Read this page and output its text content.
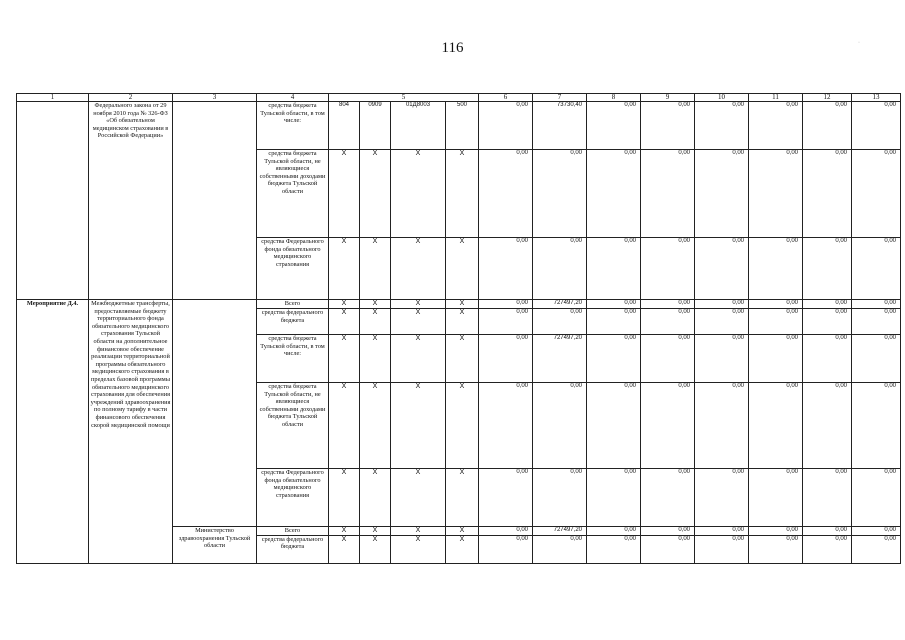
116	·
1	2	3	4	5				6	7	8	9	10	11	12	13
	Федерального закона от 29 ноября 2010 года № 326-ФЗ «Об обязательном медицинском страховании в Российской Федерации»		средства бюджета Тульской области, в том числе:	804	0909	01Д8003	500	0,00	73730,40	0,00	0,00	0,00	0,00	0,00	0,00
			средства бюджета Тульской области, не являющиеся собственными доходами бюджета Тульской области	X	X	X	X	0,00	0,00	0,00	0,00	0,00	0,00	0,00	0,00
			средства Федерального фонда обязательного медицинского страхования	X	X	X	X	0,00	0,00	0,00	0,00	0,00	0,00	0,00	0,00
Мероприятие Д.4.	Межбюджетные трансферты, предоставляемые бюджету территориального фонда обязательного медицинского страхования Тульской области на дополнительное финансовое обеспечение реализации территориальной программы обязательного медицинского страхования в пределах базовой программы обязательного медицинского страхования для обеспечения учреждений здравоохранения по полному тарифу в части финансового обеспечения скорой медицинской помощи		Всего	X	X	X	X	0,00	727497,20	0,00	0,00	0,00	0,00	0,00	0,00
			средства федерального бюджета	X	X	X	X	0,00	0,00	0,00	0,00	0,00	0,00	0,00	0,00
			средства бюджета Тульской области, в том числе:	X	X	X	X	0,00	727497,20	0,00	0,00	0,00	0,00	0,00	0,00
			средства бюджета Тульской области, не являющиеся собственными доходами бюджета Тульской области	X	X	X	X	0,00	0,00	0,00	0,00	0,00	0,00	0,00	0,00
			средства Федерального фонда обязательного медицинского страхования	X	X	X	X	0,00	0,00	0,00	0,00	0,00	0,00	0,00	0,00
		Министерство здравоохранения Тульской области	Всего	X	X	X	X	0,00	727497,20	0,00	0,00	0,00	0,00	0,00	0,00
			средства федерального бюджета	X	X	X	X	0,00	0,00	0,00	0,00	0,00	0,00	0,00	0,00
